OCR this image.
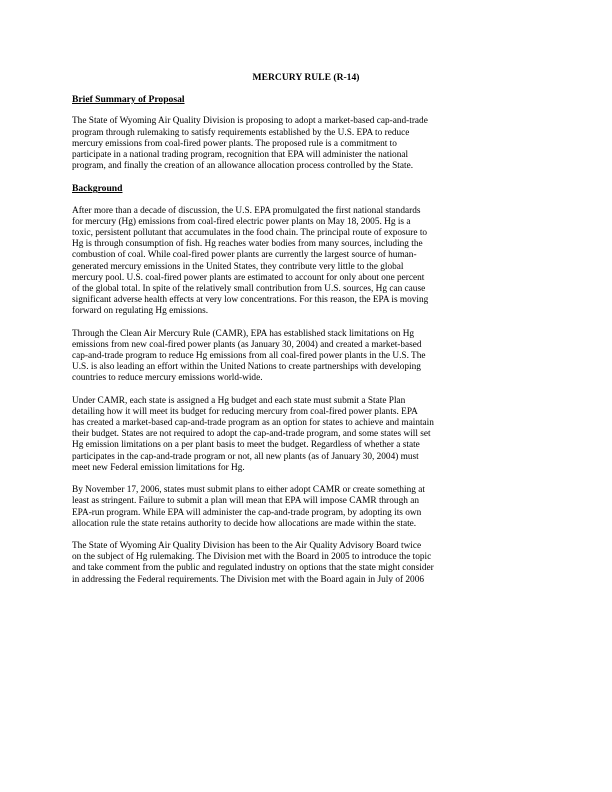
MERCURY RULE (R-14)
Brief Summary of Proposal
The State of Wyoming Air Quality Division is proposing to adopt a market-based cap-and-trade
program through rulemaking to satisfy requirements established by the U.S. EPA to reduce
mercury emissions from coal-fired power plants. The proposed rule is a commitment to
participate in a national trading program, recognition that EPA will administer the national
program, and finally the creation of an allowance allocation process controlled by the State.
Background
After more than a decade of discussion, the U.S. EPA promulgated the first national standards
for mercury (Hg) emissions from coal-fired electric power plants on May 18, 2005. Hg is a
toxic, persistent pollutant that accumulates in the food chain. The principal route of exposure to
Hg is through consumption of fish. Hg reaches water bodies from many sources, including the
combustion of coal. While coal-fired power plants are currently the largest source of human-
generated mercury emissions in the United States, they contribute very little to the global
mercury pool. U.S. coal-fired power plants are estimated to account for only about one percent
of the global total. In spite of the relatively small contribution from U.S. sources, Hg can cause
significant adverse health effects at very low concentrations. For this reason, the EPA is moving
forward on regulating Hg emissions.
Through the Clean Air Mercury Rule (CAMR), EPA has established stack limitations on Hg
emissions from new coal-fired power plants (as January 30, 2004) and created a market-based
cap-and-trade program to reduce Hg emissions from all coal-fired power plants in the U.S. The
U.S. is also leading an effort within the United Nations to create partnerships with developing
countries to reduce mercury emissions world-wide.
Under CAMR, each state is assigned a Hg budget and each state must submit a State Plan
detailing how it will meet its budget for reducing mercury from coal-fired power plants. EPA
has created a market-based cap-and-trade program as an option for states to achieve and maintain
their budget. States are not required to adopt the cap-and-trade program, and some states will set
Hg emission limitations on a per plant basis to meet the budget. Regardless of whether a state
participates in the cap-and-trade program or not, all new plants (as of January 30, 2004) must
meet new Federal emission limitations for Hg.
By November 17, 2006, states must submit plans to either adopt CAMR or create something at
least as stringent. Failure to submit a plan will mean that EPA will impose CAMR through an
EPA-run program. While EPA will administer the cap-and-trade program, by adopting its own
allocation rule the state retains authority to decide how allocations are made within the state.
The State of Wyoming Air Quality Division has been to the Air Quality Advisory Board twice
on the subject of Hg rulemaking. The Division met with the Board in 2005 to introduce the topic
and take comment from the public and regulated industry on options that the state might consider
in addressing the Federal requirements. The Division met with the Board again in July of 2006
